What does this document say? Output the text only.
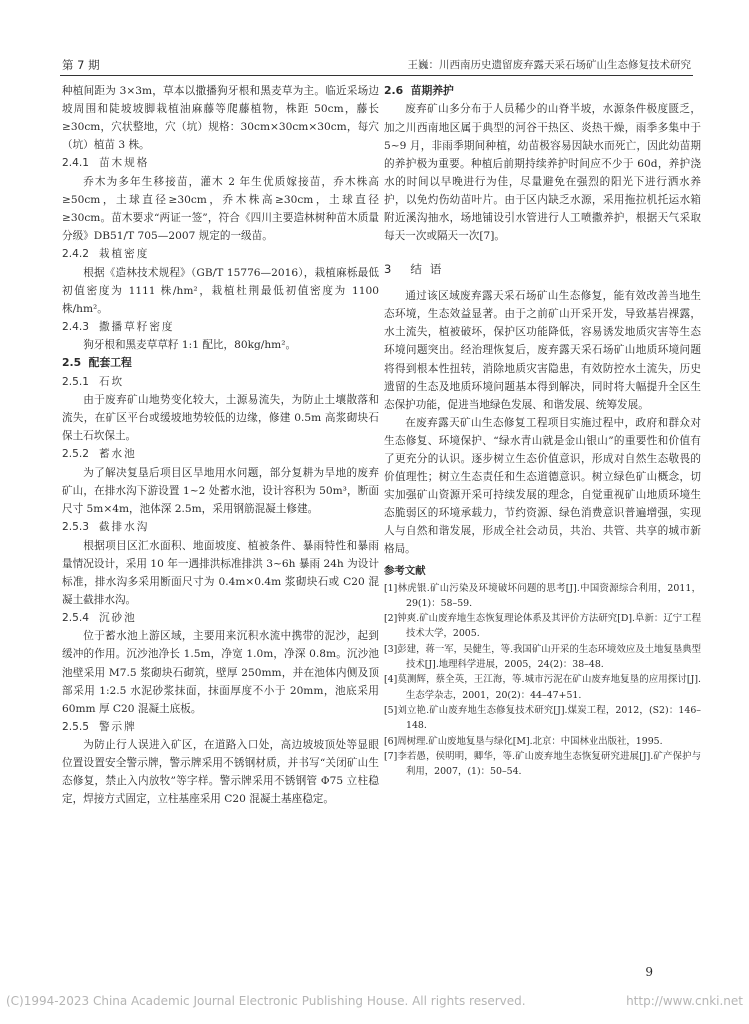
第 7 期	王巍：川西南历史遗留废弃露天采石场矿山生态修复技术研究

种植间距为 3×3m，草本以撒播狗牙根和黑麦草为主。临近采场边坡周围和陡坡坡脚栽植油麻藤等爬藤植物，株距 50cm，藤长≥30cm，穴状整地，穴（坑）规格：30cm×30cm×30cm，每穴（坑）植苗 3 株。

2.4.1 苗木规格

乔木为多年生移接苗，灌木 2 年生优质嫁接苗，乔木株高≥50cm，土球直径≥30cm，乔木株高≥30cm，土球直径≥30cm。苗木要求“两证一签”，符合《四川主要造林树种苗木质量分级》DB51/T 705—2007 规定的一级苗。

2.4.2 栽植密度

根据《造林技术规程》（GB/T 15776—2016），栽植麻栎最低初值密度为 1111 株/hm²，栽植杜荆最低初值密度为 1100 株/hm²。

2.4.3 撒播草籽密度

狗牙根和黑麦草草籽 1:1 配比，80kg/hm²。

2.5 配套工程
2.5.1 石坎

由于废弃矿山地势变化较大，土源易流失，为防止土壤散落和流失，在矿区平台或缓坡地势较低的边缘，修建 0.5m 高浆砌块石保土石坎保土。

2.5.2 蓄水池

为了解决复垦后项目区旱地用水问题，部分复耕为旱地的废弃矿山，在排水沟下游设置 1~2 处蓄水池，设计容积为 50m³，断面尺寸 5m×4m，池体深 2.5m，采用钢筋混凝土修建。

2.5.3 截排水沟

根据项目区汇水面积、地面坡度、植被条件、暴雨特性和暴雨量情况设计，采用 10 年一遇排洪标准排洪 3~6h 暴雨 24h 为设计标准，排水沟多采用断面尺寸为 0.4m×0.4m 浆砌块石或 C20 混凝土截排水沟。

2.5.4 沉砂池

位于蓄水池上游区域，主要用来沉积水流中携带的泥沙，起到缓冲的作用。沉沙池净长 1.5m，净宽 1.0m，净深 0.8m。沉沙池池壁采用 M7.5 浆砌块石砌筑，壁厚 250mm，并在池体内侧及顶部采用 1:2.5 水泥砂浆抹面，抹面厚度不小于 20mm，池底采用 60mm 厚 C20 混凝土底板。

2.5.5 警示牌

为防止行人误进入矿区，在道路入口处，高边坡坡顶处等显眼位置设置安全警示牌，警示牌采用不锈钢材质，并书写“关闭矿山生态修复，禁止入内放牧”等字样。警示牌采用不锈钢管 Φ75 立柱稳定，焊接方式固定，立柱基座采用 C20 混凝土基座稳定。

2.6 苗期养护

废弃矿山多分布于人员稀少的山脊半坡，水源条件极度匮乏，加之川西南地区属于典型的河谷干热区、炎热干燥，雨季多集中于 5~9 月，非雨季期间种植，幼苗极容易因缺水而死亡，因此幼苗期的养护极为重要。种植后前期持续养护时间应不少于 60d，养护浇水的时间以早晚进行为佳，尽量避免在强烈的阳光下进行洒水养护，以免灼伤幼苗叶片。由于区内缺乏水源，采用拖拉机托运水箱附近溪沟抽水，场地铺设引水管进行人工喷撒养护，根据天气采取每天一次或隔天一次[7]。

3 结语

通过该区域废弃露天采石场矿山生态修复，能有效改善当地生态环境，生态效益显著。由于之前矿山开采开发，导致基岩裸露，水土流失，植被破坏，保护区功能降低，容易诱发地质灾害等生态环境问题突出。经治理恢复后，废弃露天采石场矿山地质环境问题将得到根本性扭转，消除地质灾害隐患，有效防控水土流失，历史遗留的生态及地质环境问题基本得到解决，同时将大幅提升全区生态保护功能，促进当地绿色发展、和谐发展、统筹发展。

在废弃露天矿山生态修复工程项目实施过程中，政府和群众对生态修复、环境保护、“绿水青山就是金山银山”的重要性和价值有了更充分的认识。逐步树立生态价值意识，形成对自然生态敬畏的价值理性；树立生态责任和生态道德意识。树立绿色矿山概念，切实加强矿山资源开采可持续发展的理念，自觉重视矿山地质环境生态脆弱区的环境承载力，节约资源、绿色消费意识普遍增强，实现人与自然和谐发展，形成全社会动员，共治、共管、共享的城市新格局。

参考文献

[1]林虎银.矿山污染及环境破坏问题的思考[J].中国资源综合利用，2011，29(1)：58–59.

[2]钟爽.矿山废弃地生态恢复理论体系及其评价方法研究[D].阜新：辽宁工程技术大学，2005.

[3]彭建，蒋一军，吴健生，等.我国矿山开采的生态环境效应及土地复垦典型技术[J].地理科学进展，2005，24(2)：38–48.

[4]莫测辉，蔡全英，王江海，等.城市污泥在矿山废弃地复垦的应用探讨[J].生态学杂志，2001，20(2)：44–47+51.

[5]刘立艳.矿山废弃地生态修复技术研究[J].煤炭工程，2012，(S2)：146–148.

[6]周树理.矿山废地复垦与绿化[M].北京：中国林业出版社，1995.

[7]李若愚，侯明明，卿华，等.矿山废弃地生态恢复研究进展[J].矿产保护与利用，2007，(1)：50–54.

9
(C)1994-2023 China Academic Journal Electronic Publishing House. All rights reserved.	http://www.cnki.net
